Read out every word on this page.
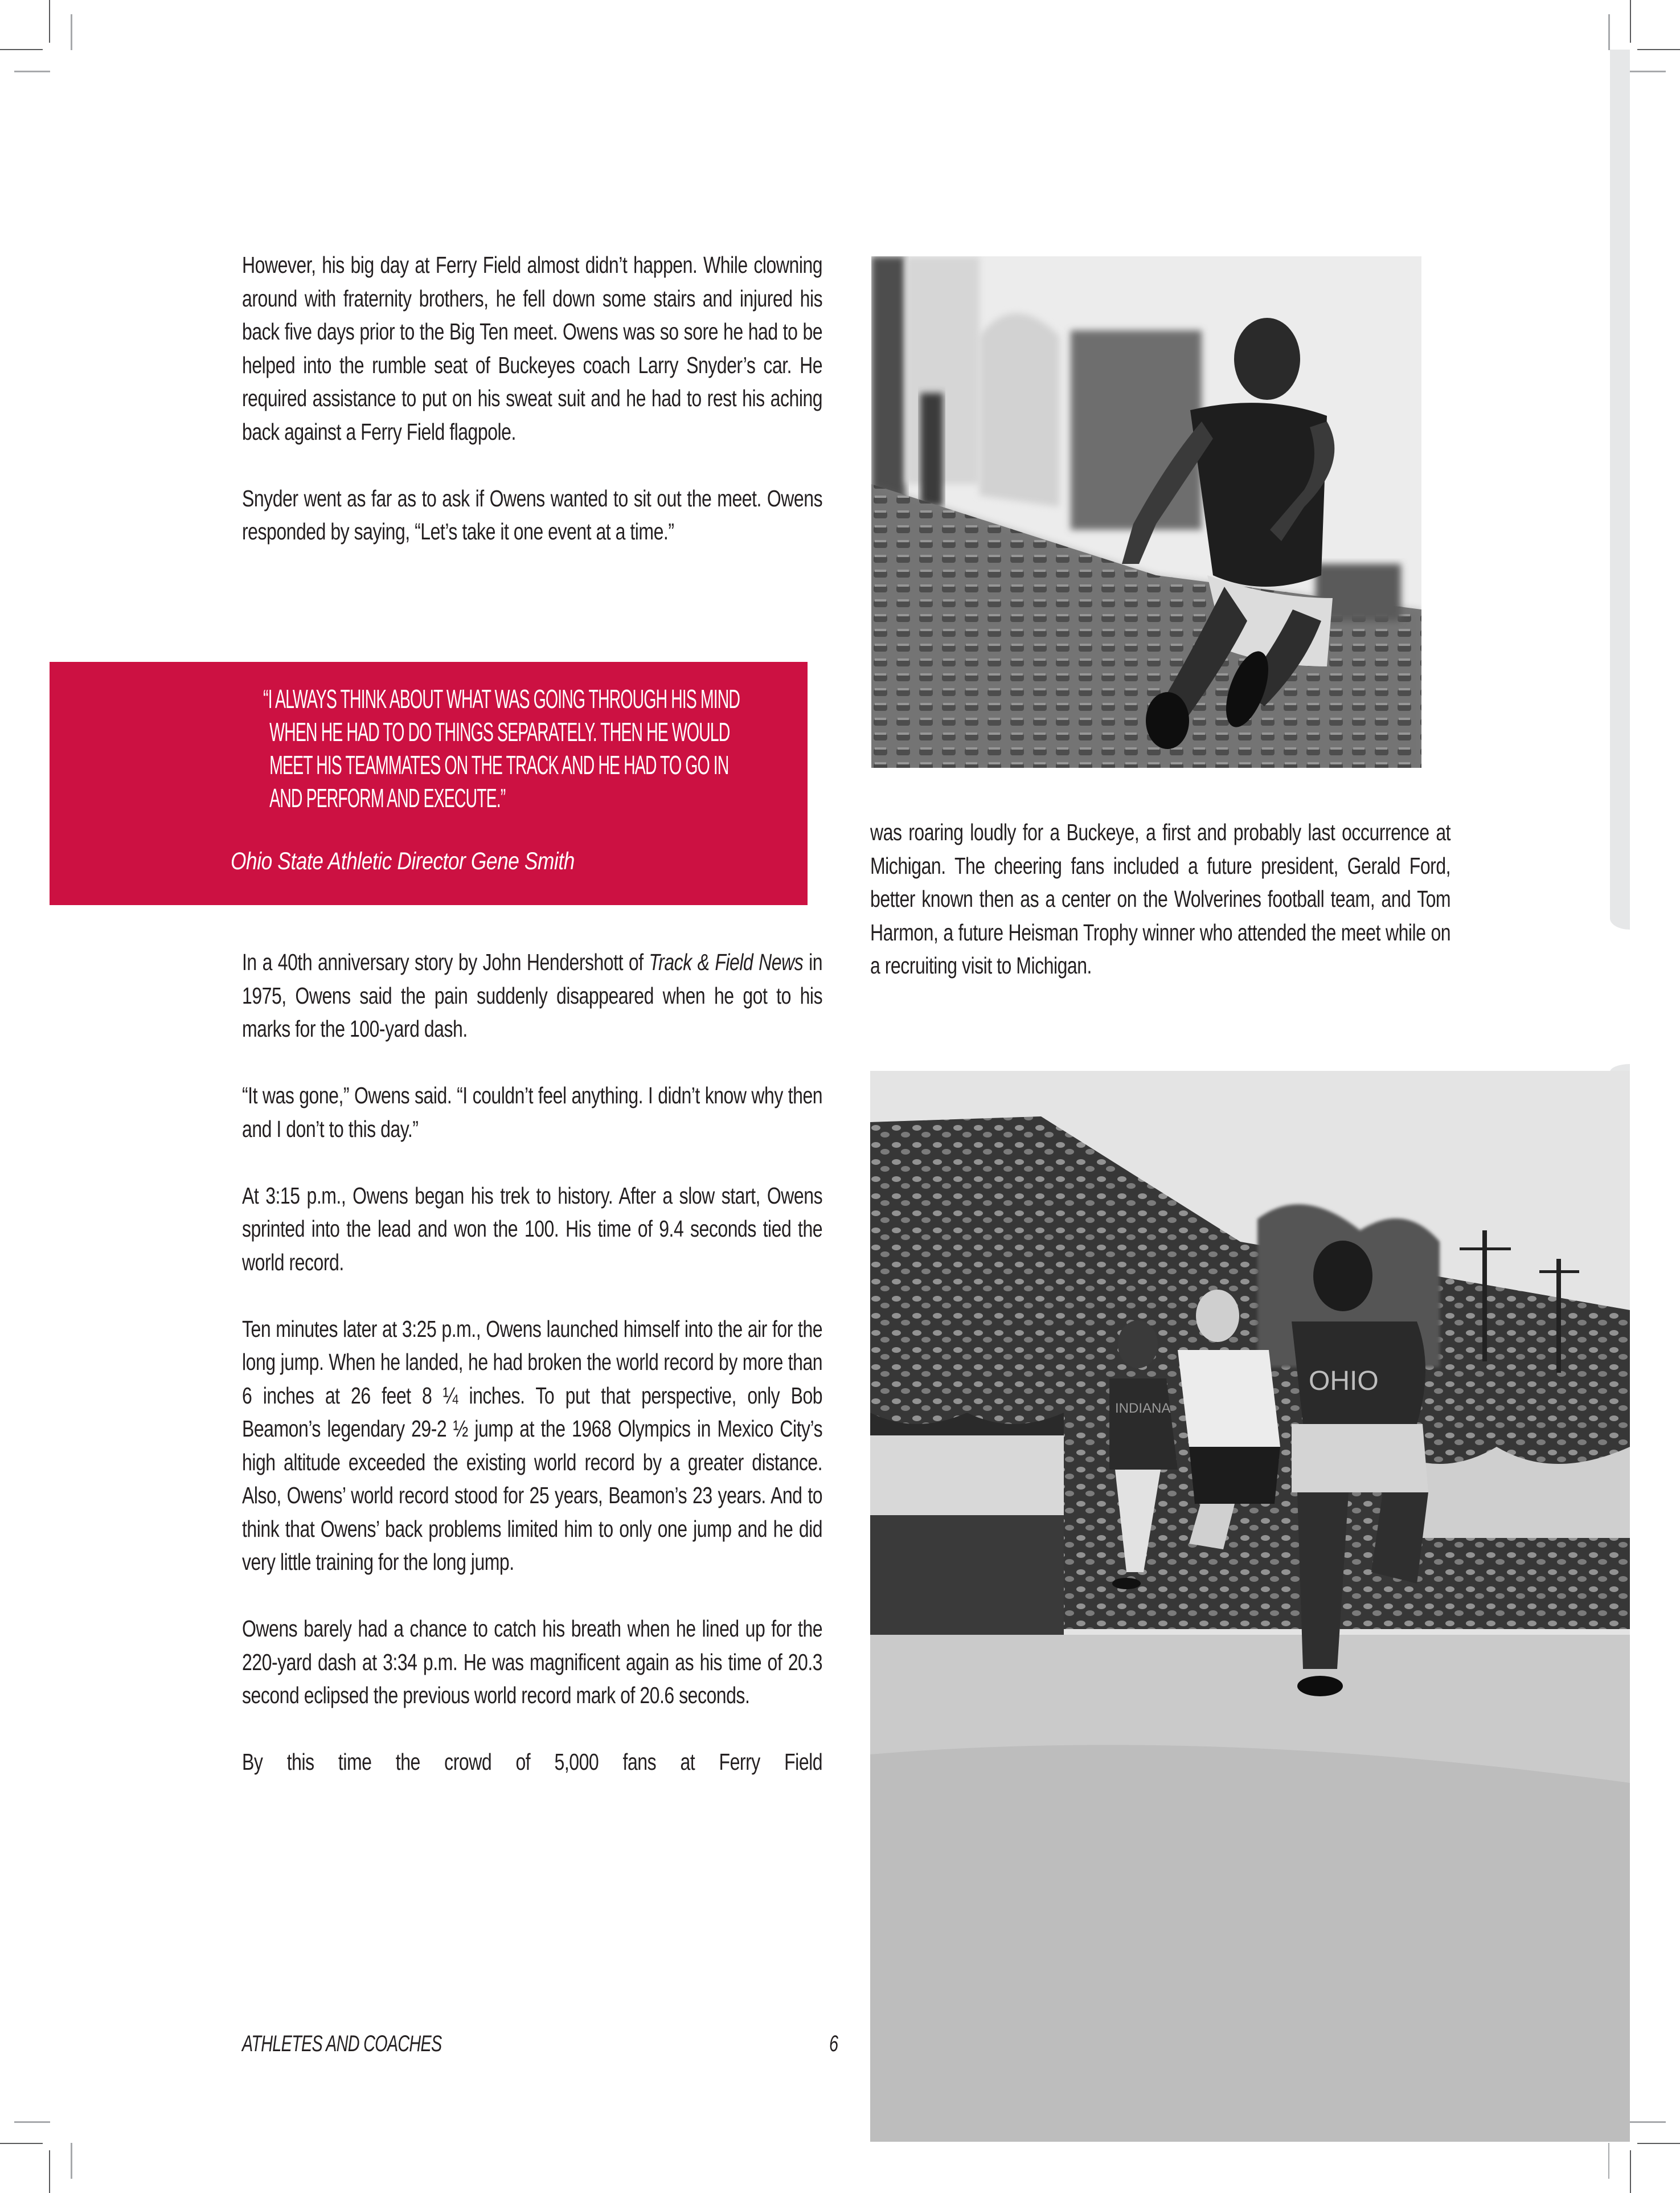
However, his big day at Ferry Field almost didn’t happen. While clowning around with fraternity brothers, he fell down some stairs and injured his back five days prior to the Big Ten meet. Owens was so sore he had to be helped into the rumble seat of Buckeyes coach Larry Snyder’s car. He required assistance to put on his sweat suit and he had to rest his aching back against a Ferry Field flagpole.

Snyder went as far as to ask if Owens wanted to sit out the meet. Owens responded by saying, “Let’s take it one event at a time.”

“I ALWAYS THINK ABOUT WHAT WAS GOING THROUGH HIS MIND WHEN HE HAD TO DO THINGS SEPARATELY. THEN HE WOULD MEET HIS TEAMMATES ON THE TRACK AND HE HAD TO GO IN AND PERFORM AND EXECUTE.”
Ohio State Athletic Director Gene Smith

In a 40th anniversary story by John Hendershott of Track & Field News in 1975, Owens said the pain suddenly disappeared when he got to his marks for the 100-yard dash.

“It was gone,” Owens said. “I couldn’t feel anything. I didn’t know why then and I don’t to this day.”

At 3:15 p.m., Owens began his trek to history. After a slow start, Owens sprinted into the lead and won the 100. His time of 9.4 seconds tied the world record.

Ten minutes later at 3:25 p.m., Owens launched himself into the air for the long jump. When he landed, he had broken the world record by more than 6 inches at 26 feet 8 ¼ inches. To put that perspective, only Bob Beamon’s legendary 29-2 ½ jump at the 1968 Olympics in Mexico City’s high altitude exceeded the existing world record by a greater distance. Also, Owens’ world record stood for 25 years, Beamon’s 23 years. And to think that Owens’ back problems limited him to only one jump and he did very little training for the long jump.

Owens barely had a chance to catch his breath when he lined up for the 220-yard dash at 3:34 p.m. He was magnificent again as his time of 20.3 second eclipsed the previous world record mark of 20.6 seconds.

By this time the crowd of 5,000 fans at Ferry Field

was roaring loudly for a Buckeye, a first and probably last occurrence at Michigan. The cheering fans included a future president, Gerald Ford, better known then as a center on the Wolverines football team, and Tom Harmon, a future Heisman Trophy winner who attended the meet while on a recruiting visit to Michigan.

INDIANA
OHIO
ATHLETES AND COACHES	6
